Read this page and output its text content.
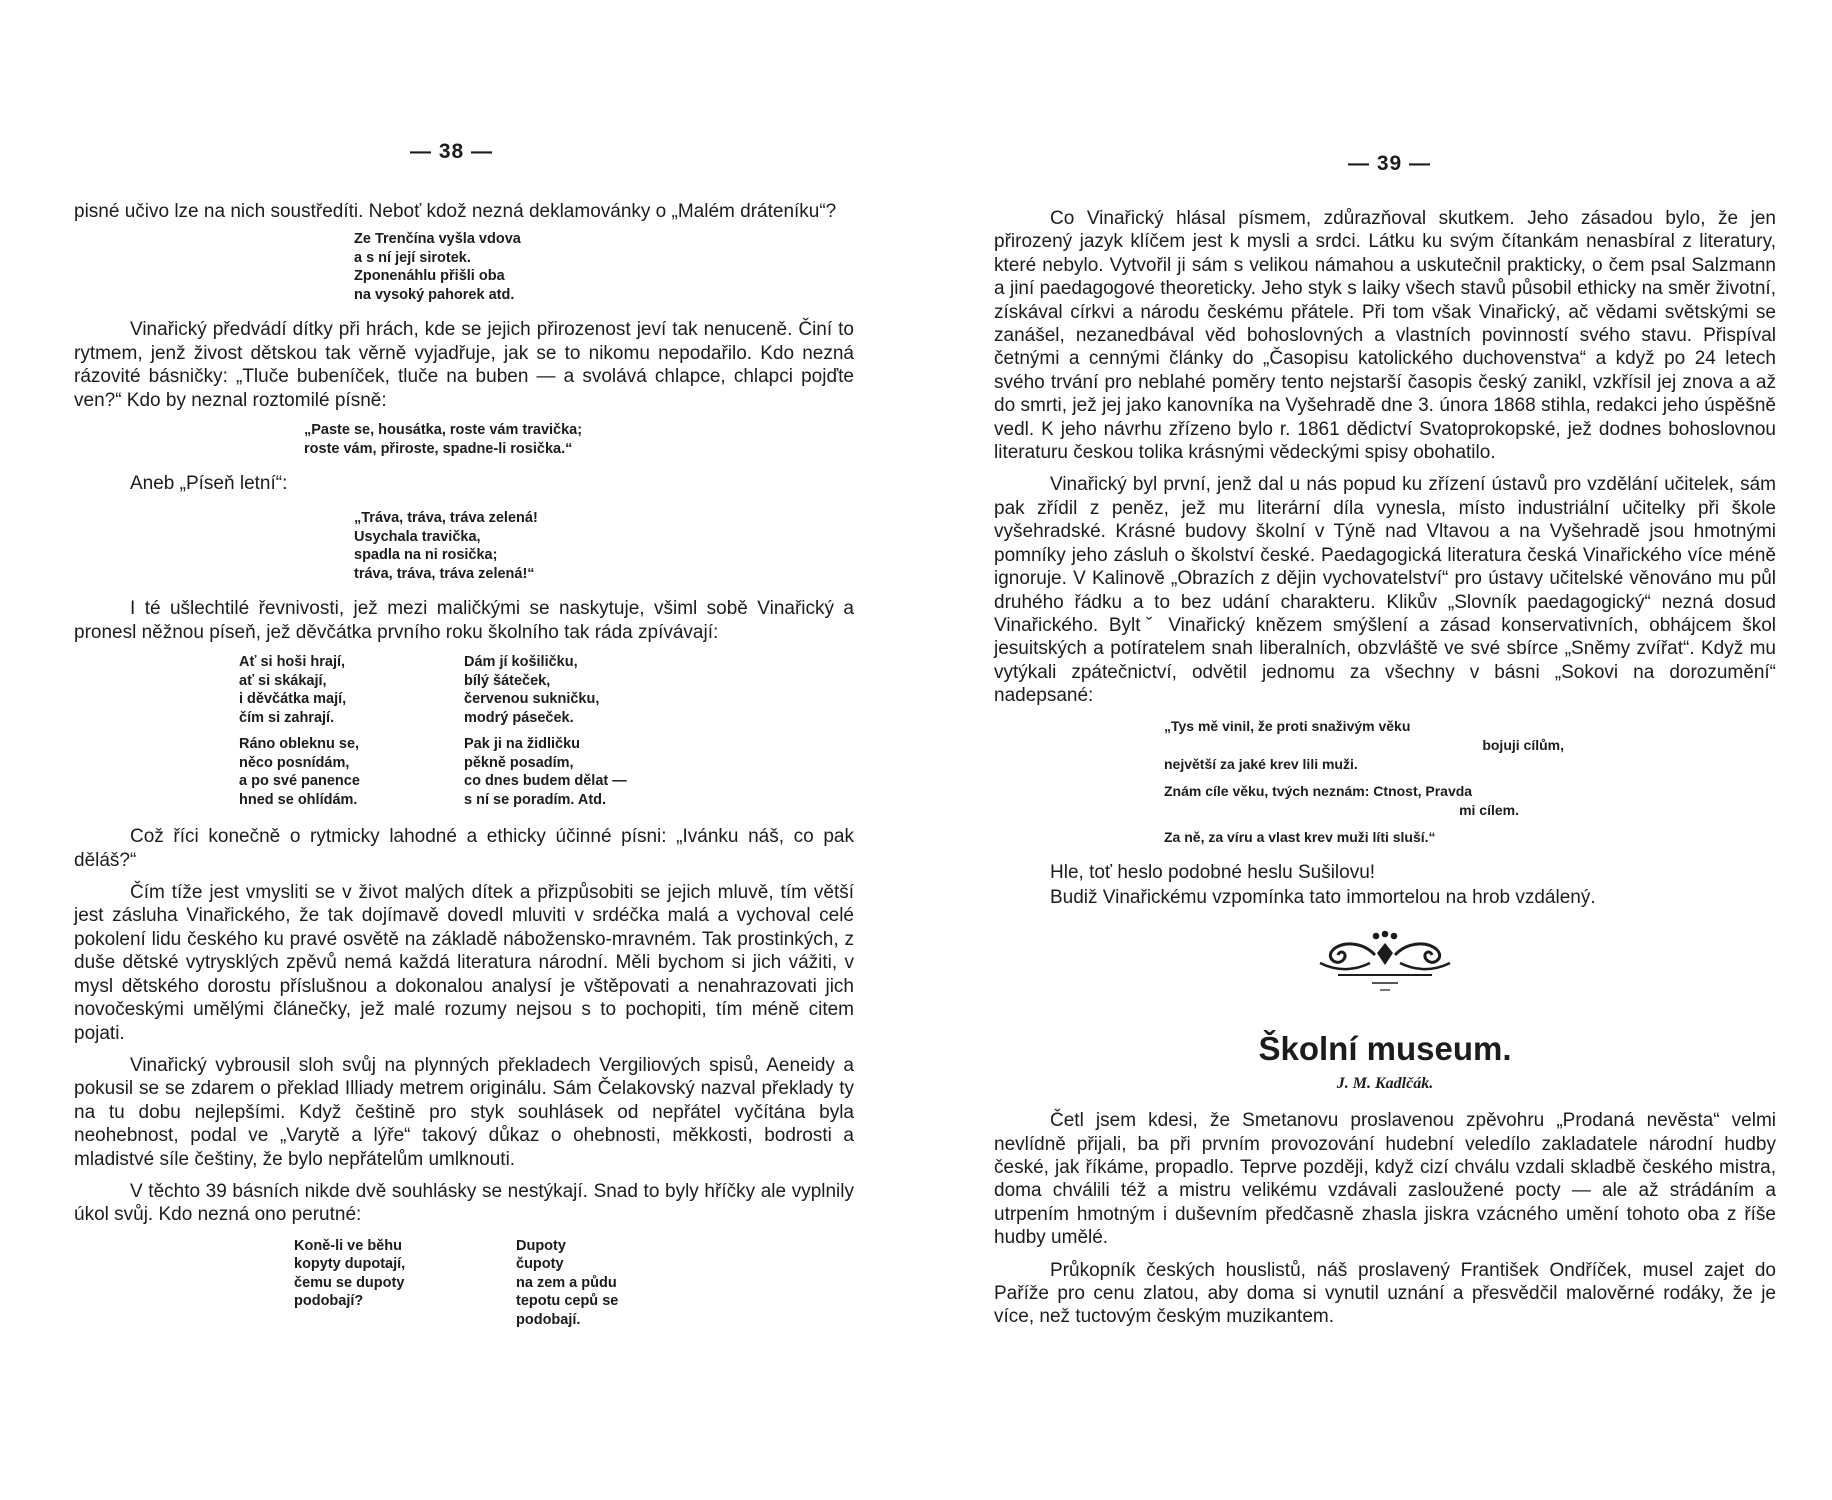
— 38 —

pisné učivo lze na nich soustředíti. Neboť kdož nezná deklamovánky o „Malém dráteníku“?

Ze Trenčína vyšla vdova
a s ní její sirotek.
Zponenáhlu přišli oba
na vysoký pahorek atd.

Vinařický předvádí dítky při hrách, kde se jejich přirozenost jeví tak nenuceně. Činí to rytmem, jenž živost dětskou tak věrně vyjadřuje, jak se to nikomu nepodařilo. Kdo nezná rázovité básničky: „Tluče bubeníček, tluče na buben — a svolává chlapce, chlapci pojďte ven?“ Kdo by neznal roztomilé písně:

„Paste se, housátka, roste vám travička;
roste vám, přiroste, spadne-li rosička.“

Aneb „Píseň letní“:

„Tráva, tráva, tráva zelená!
Usychala travička,
spadla na ni rosička;
tráva, tráva, tráva zelená!“

I té ušlechtilé řevnivosti, jež mezi maličkými se naskytuje, všiml sobě Vinařický a pronesl něžnou píseň, jež děvčátka prvního roku školního tak ráda zpívávají:

Ať si hoši hrají,
ať si skákají,
i děvčátka mají,
čím si zahrají.
Dám jí košiličku,
bílý šáteček,
červenou sukničku,
modrý páseček.
Ráno obleknu se,
něco posnídám,
a po své panence
hned se ohlídám.
Pak ji na židličku
pěkně posadím,
co dnes budem dělat —
s ní se poradím. Atd.

Což říci konečně o rytmicky lahodné a ethicky účinné písni: „Ivánku náš, co pak děláš?“

Čím tíže jest vmysliti se v život malých dítek a přizpůsobiti se jejich mluvě, tím větší jest zásluha Vinařického, že tak dojímavě dovedl mluviti v srdéčka malá a vychoval celé pokolení lidu českého ku pravé osvětě na základě nábožensko-mravném. Tak prostinkých, z duše dětské vytrysklých zpěvů nemá každá literatura národní. Měli bychom si jich vážiti, v mysl dětského dorostu příslušnou a dokonalou analysí je vštěpovati a nenahrazovati jich novočeskými umělými článečky, jež malé rozumy nejsou s to pochopiti, tím méně citem pojati.

Vinařický vybrousil sloh svůj na plynných překladech Vergiliových spisů, Aeneidy a pokusil se se zdarem o překlad Illiady metrem originálu. Sám Čelakovský nazval překlady ty na tu dobu nejlepšími. Když češtině pro styk souhlásek od nepřátel vyčítána byla neohebnost, podal ve „Varytě a lýře“ takový důkaz o ohebnosti, měkkosti, bodrosti a mladistvé síle češtiny, že bylo nepřátelům umlknouti.

V těchto 39 básních nikde dvě souhlásky se nestýkají. Snad to byly hříčky ale vyplnily úkol svůj. Kdo nezná ono perutné:

Koně-li ve běhu
kopyty dupotají,
čemu se dupoty
podobají?
Dupoty
čupoty
na zem a půdu
tepotu cepů se
podobají.
— 39 —

Co Vinařický hlásal písmem, zdůrazňoval skutkem. Jeho zásadou bylo, že jen přirozený jazyk klíčem jest k mysli a srdci. Látku ku svým čítankám nenasbíral z literatury, které nebylo. Vytvořil ji sám s velikou námahou a uskutečnil prakticky, o čem psal Salzmann a jiní paedagogové theoreticky. Jeho styk s laiky všech stavů působil ethicky na směr životní, získával církvi a národu českému přátele. Při tom však Vinařický, ač vědami světskými se zanášel, nezanedbával věd bohoslovných a vlastních povinností svého stavu. Přispíval četnými a cennými články do „Časopisu katolického duchovenstva“ a když po 24 letech svého trvání pro neblahé poměry tento nejstarší časopis český zanikl, vzkřísil jej znova a až do smrti, jež jej jako kanovníka na Vyšehradě dne 3. února 1868 stihla, redakci jeho úspěšně vedl. K jeho návrhu zřízeno bylo r. 1861 dědictví Svatoprokopské, jež dodnes bohoslovnou literaturu českou tolika krásnými vědeckými spisy obohatilo.

Vinařický byl první, jenž dal u nás popud ku zřízení ústavů pro vzdělání učitelek, sám pak zřídil z peněz, jež mu literární díla vynesla, místo industriální učitelky při škole vyšehradské. Krásné budovy školní v Týně nad Vltavou a na Vyšehradě jsou hmotnými pomníky jeho zásluh o školství české. Paedagogická literatura česká Vinařického více méně ignoruje. V Kalinově „Obrazích z dějin vychovatelství“ pro ústavy učitelské věnováno mu půl druhého řádku a to bez udání charakteru. Klikův „Slovník paedagogický“ nezná dosud Vinařického. Byltˇ Vinařický knězem smýšlení a zásad konservativních, obhájcem škol jesuitských a potíratelem snah liberalních, obzvláště ve své sbírce „Sněmy zvířat“. Když mu vytýkali zpátečnictví, odvětil jednomu za všechny v básni „Sokovi na dorozumění“ nadepsané:

„Tys mě vinil, že proti snaživým věku
bojuji cílům,
největší za jaké krev lili muži.
Znám cíle věku, tvých neznám: Ctnost, Pravda
mi cílem.
Za ně, za víru a vlast krev muži líti sluší.“

Hle, toť heslo podobné heslu Sušilovu!

Budiž Vinařickému vzpomínka tato immortelou na hrob vzdálený.

Školní museum.
J. M. Kadlčák.

Četl jsem kdesi, že Smetanovu proslavenou zpěvohru „Prodaná nevěsta“ velmi nevlídně přijali, ba při prvním provozování hudební veledílo zakladatele národní hudby české, jak říkáme, propadlo. Teprve později, když cizí chválu vzdali skladbě českého mistra, doma chválili též a mistru velikému vzdávali zasloužené pocty — ale až strádáním a utrpením hmotným i duševním předčasně zhasla jiskra vzácného umění tohoto oba z říše hudby umělé.

Průkopník českých houslistů, náš proslavený František Ondříček, musel zajet do Paříže pro cenu zlatou, aby doma si vynutil uznání a přesvědčil malověrné rodáky, že je více, než tuctovým českým muzikantem.
